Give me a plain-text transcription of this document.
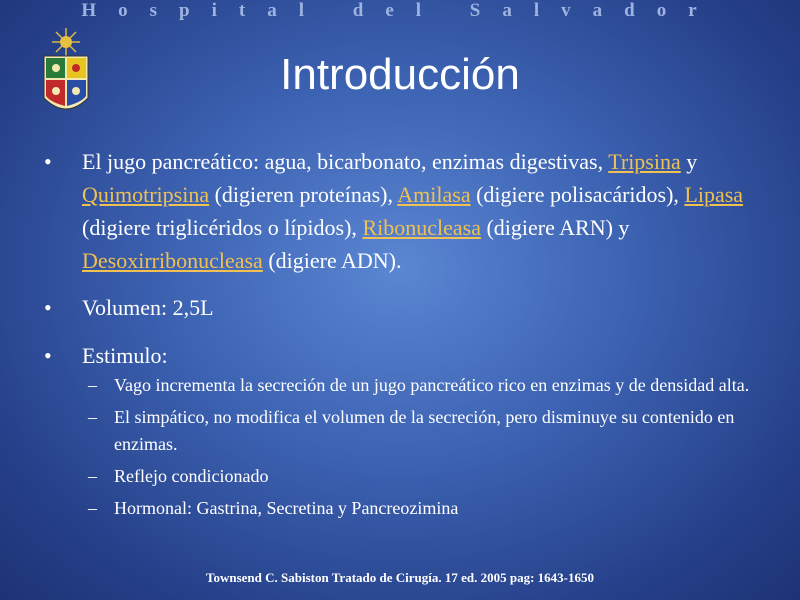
Hospital del Salvador
Introducción
•	El jugo pancreático: agua, bicarbonato, enzimas digestivas, Tripsina y Quimotripsina (digieren proteínas), Amilasa (digiere polisacáridos), Lipasa (digiere triglicéridos o lípidos), Ribonucleasa (digiere ARN) y Desoxirribonucleasa (digiere ADN).
•	Volumen: 2,5L
•	Estimulo:
– Vago incrementa la secreción de un jugo pancreático rico en enzimas y de densidad alta.
– El simpático, no modifica el volumen de la secreción, pero disminuye su contenido en enzimas.
– Reflejo condicionado
– Hormonal: Gastrina, Secretina y Pancreozimina
Townsend C. Sabiston Tratado de Cirugía. 17 ed. 2005 pag: 1643-1650
